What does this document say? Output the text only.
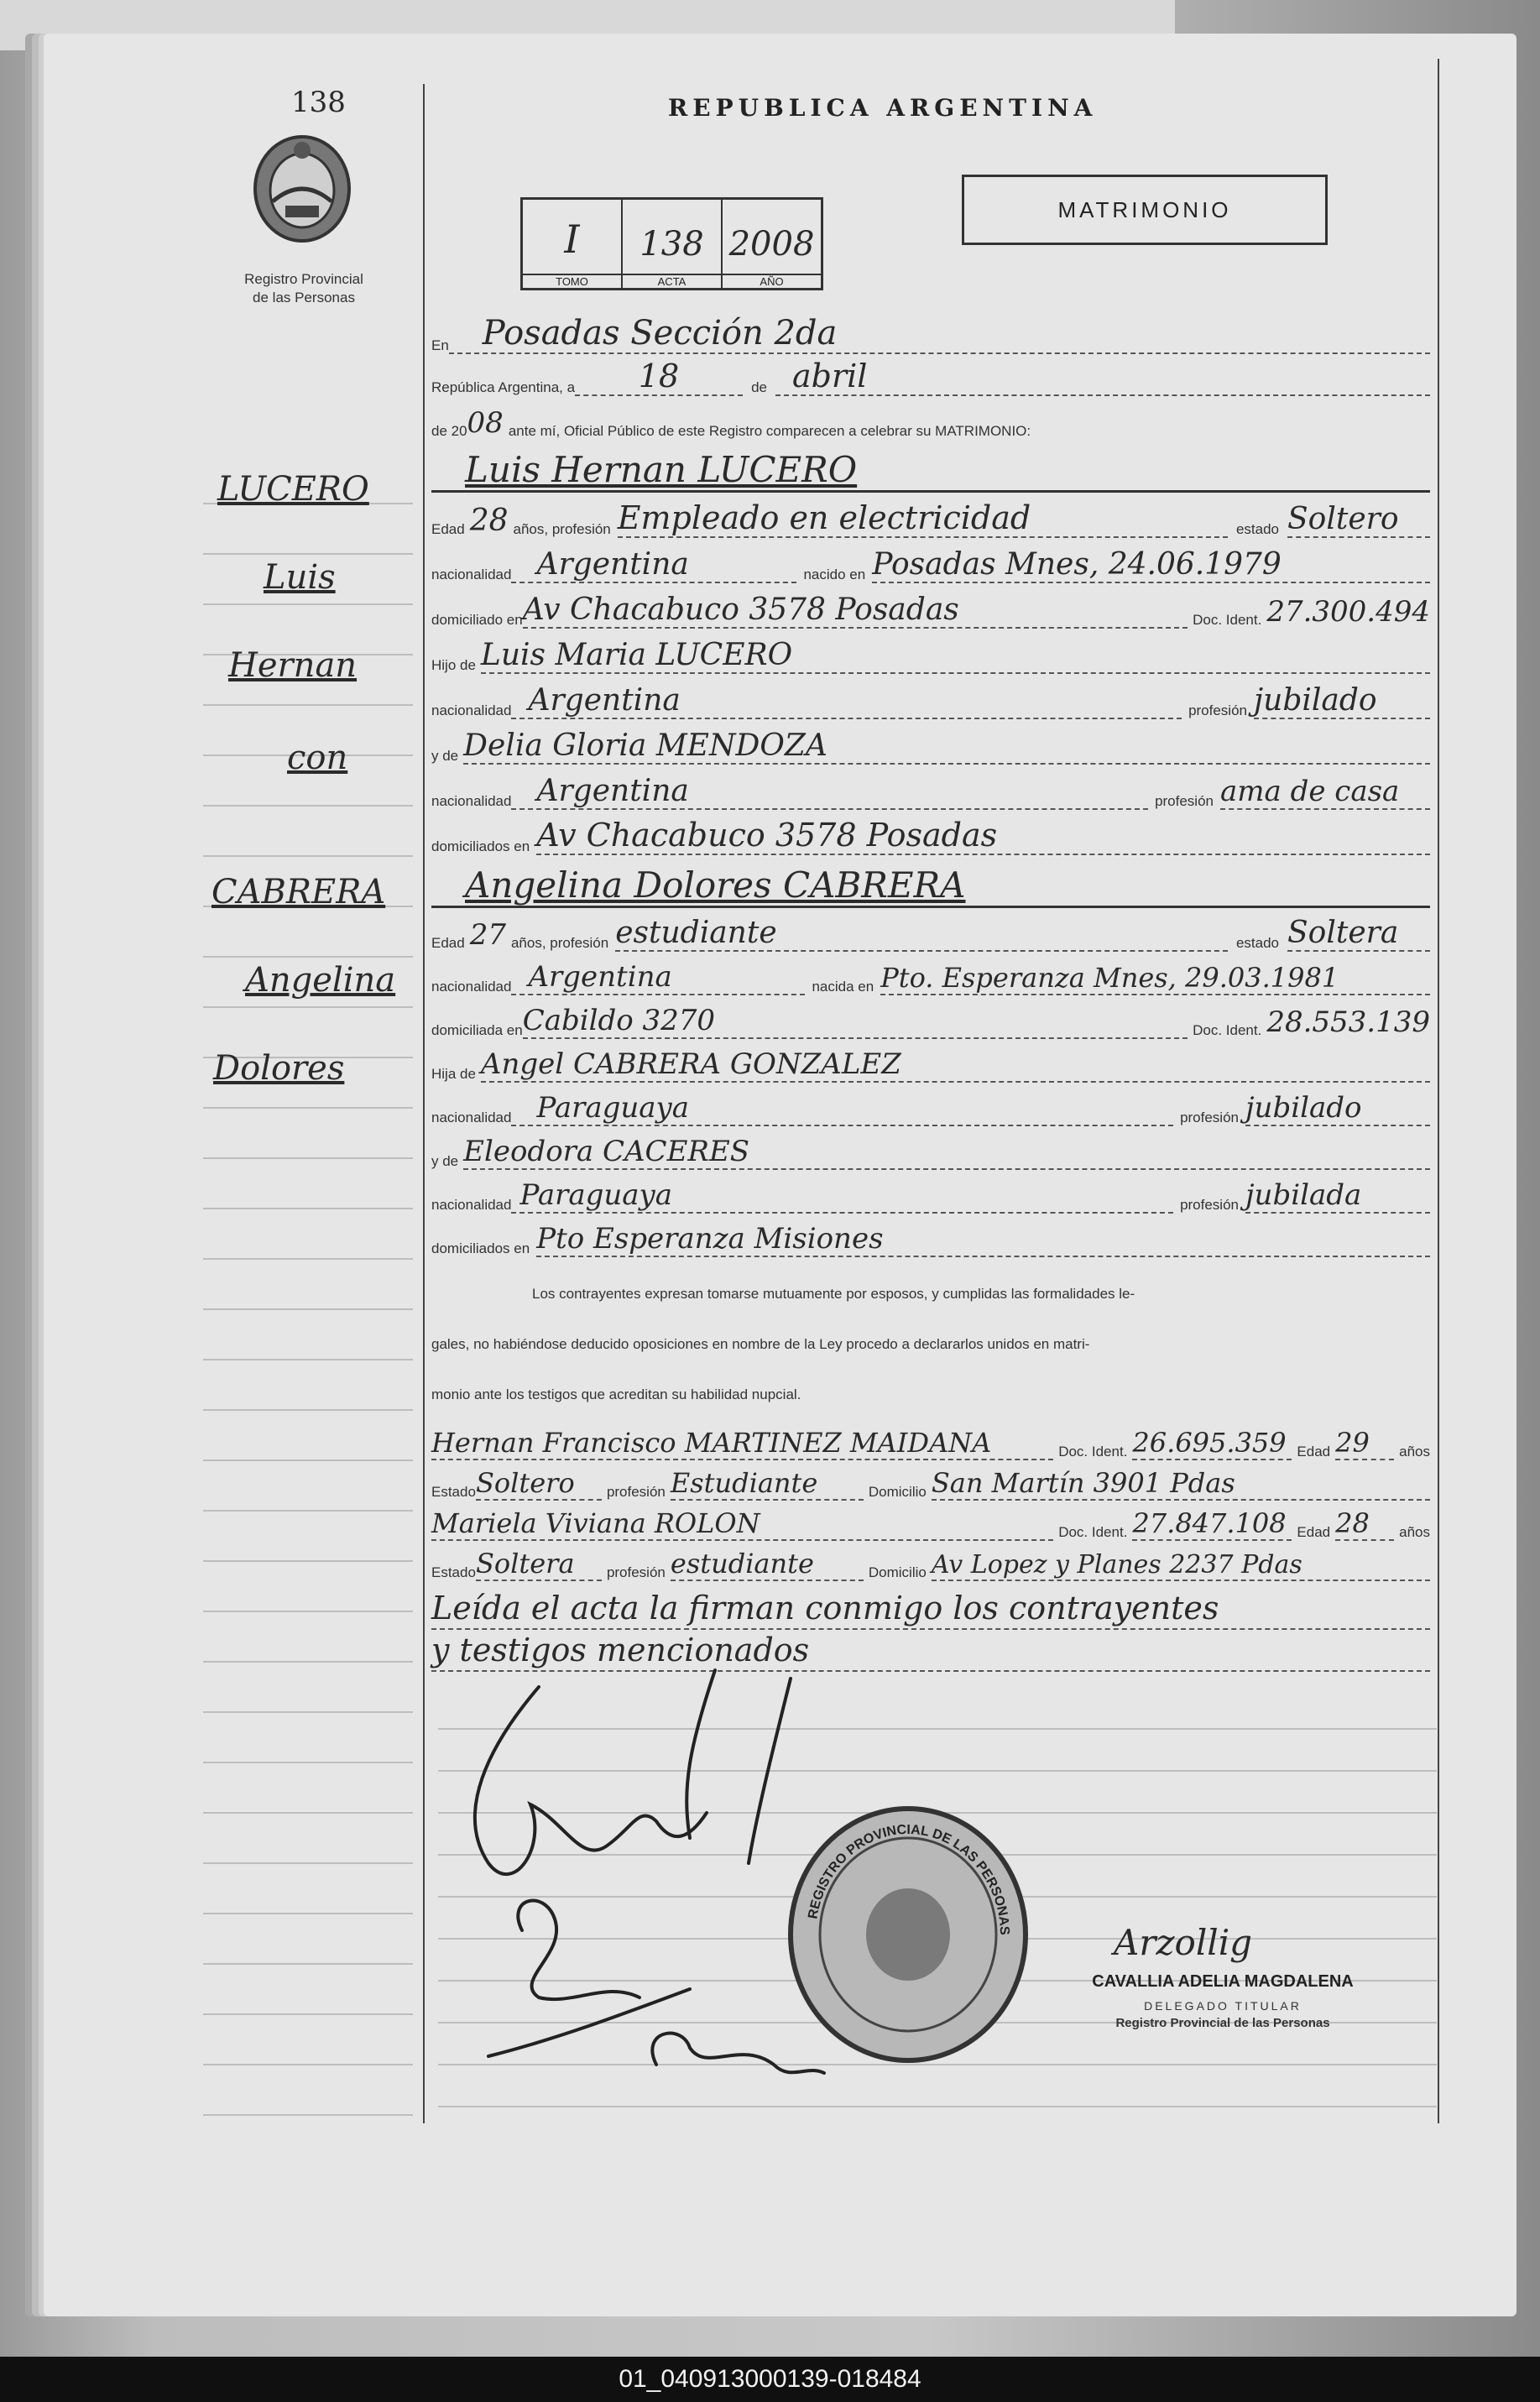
138
Registro Provincial
de las Personas
REPUBLICA ARGENTINA
I
TOMO
138
ACTA
2008
AÑO
MATRIMONIO
LUCERO
Luis
Hernan
con
CABRERA
Angelina
Dolores
En	Posadas Sección 2da
República Argentina, a	18	de abril
de 20 08 ante mí, Oficial Público de este Registro comparecen a celebrar su MATRIMONIO:
Luis Hernan LUCERO
Edad 28 años, profesión Empleado en electricidad	estado Soltero
nacionalidad Argentina	nacido en Posadas Mnes, 24.06.1979
domiciliado en Av Chacabuco 3578 Posadas	Doc. Ident. 27.300.494
Hijo de Luis Maria LUCERO
nacionalidad Argentina	profesión jubilado
y de Delia Gloria MENDOZA
nacionalidad Argentina	profesión ama de casa
domiciliados en Av Chacabuco 3578 Posadas
Angelina Dolores CABRERA
Edad 27 años, profesión estudiante	estado Soltera
nacionalidad Argentina	nacida en Pto. Esperanza Mnes, 29.03.1981
domiciliada en Cabildo 3270	Doc. Ident. 28.553.139
Hija de Angel CABRERA GONZALEZ
nacionalidad Paraguaya	profesión jubilado
y de Eleodora CACERES
nacionalidad Paraguaya	profesión jubilada
domiciliados en Pto Esperanza Misiones
Los contrayentes expresan tomarse mutuamente por esposos, y cumplidas las formalidades le-
gales, no habiéndose deducido oposiciones en nombre de la Ley procedo a declararlos unidos en matri-
monio ante los testigos que acreditan su habilidad nupcial.
Hernan Francisco MARTINEZ MAIDANA	Doc. Ident. 26.695.359 Edad 29	años
Estado Soltero	profesión Estudiante	Domicilio San Martín 3901 Pdas
Mariela Viviana ROLON	Doc. Ident. 27.847.108 Edad 28	años
Estado Soltera	profesión estudiante	Domicilio Av Lopez y Planes 2237 Pdas
Leída el acta la firman conmigo los contrayentes
y testigos mencionados
REGISTRO PROVINCIAL DE LAS PERSONAS	Arzollig
CAVALLIA ADELIA MAGDALENA
DELEGADO TITULAR
Registro Provincial de las Personas
01_040913000139-018484
